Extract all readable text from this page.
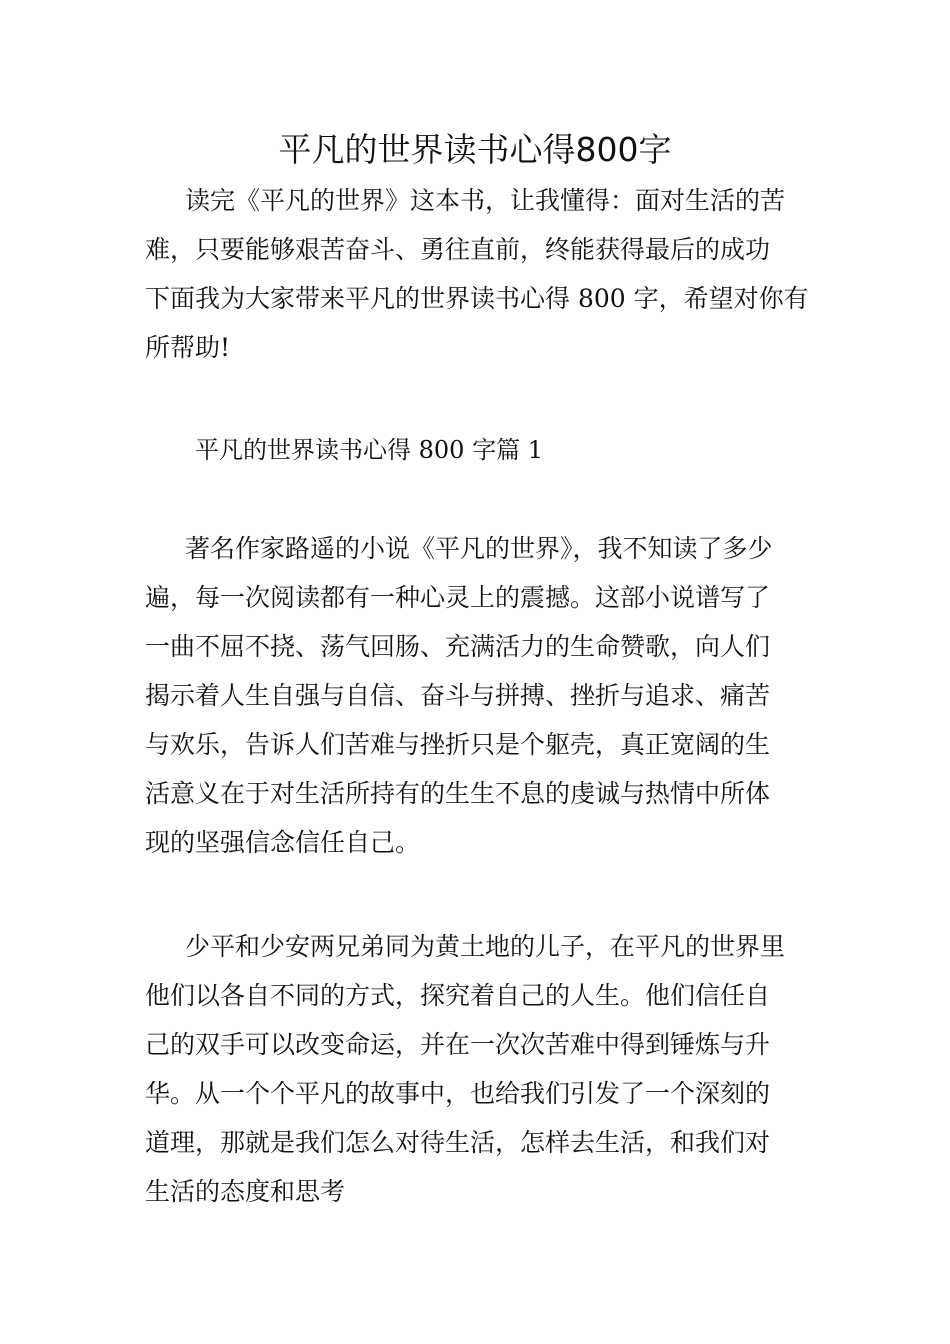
平凡的世界读书心得800字
读完《平凡的世界》这本书，让我懂得：面对生活的苦
难，只要能够艰苦奋斗、勇往直前，终能获得最后的成功
下面我为大家带来平凡的世界读书心得 800 字，希望对你有
所帮助!
平凡的世界读书心得 800 字篇 1
著名作家路遥的小说《平凡的世界》，我不知读了多少
遍，每一次阅读都有一种心灵上的震撼。这部小说谱写了
一曲不屈不挠、荡气回肠、充满活力的生命赞歌，向人们
揭示着人生自强与自信、奋斗与拼搏、挫折与追求、痛苦
与欢乐，告诉人们苦难与挫折只是个躯壳，真正宽阔的生
活意义在于对生活所持有的生生不息的虔诚与热情中所体
现的坚强信念信任自己。
少平和少安两兄弟同为黄土地的儿子，在平凡的世界里
他们以各自不同的方式，探究着自己的人生。他们信任自
己的双手可以改变命运，并在一次次苦难中得到锤炼与升
华。从一个个平凡的故事中，也给我们引发了一个深刻的
道理，那就是我们怎么对待生活，怎样去生活，和我们对
生活的态度和思考
